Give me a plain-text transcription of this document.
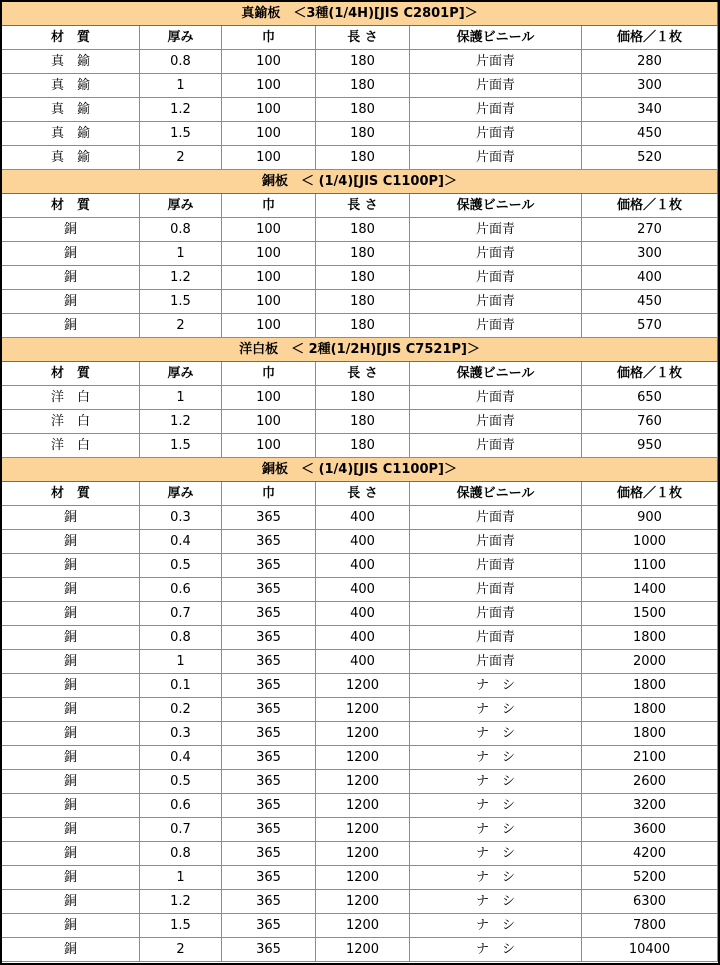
真鍮板　＜3種(1/4H)[JIS C2801P]＞					
材　質	厚み	巾	長 さ	保護ビニール	価格／１枚
真　鍮	0.8	100	180	片面青	280
真　鍮	1	100	180	片面青	300
真　鍮	1.2	100	180	片面青	340
真　鍮	1.5	100	180	片面青	450
真　鍮	2	100	180	片面青	520
銅板　＜ (1/4)[JIS C1100P]＞					
材　質	厚み	巾	長 さ	保護ビニール	価格／１枚
銅	0.8	100	180	片面青	270
銅	1	100	180	片面青	300
銅	1.2	100	180	片面青	400
銅	1.5	100	180	片面青	450
銅	2	100	180	片面青	570
洋白板　＜ 2種(1/2H)[JIS C7521P]＞					
材　質	厚み	巾	長 さ	保護ビニール	価格／１枚
洋　白	1	100	180	片面青	650
洋　白	1.2	100	180	片面青	760
洋　白	1.5	100	180	片面青	950
銅板　＜ (1/4)[JIS C1100P]＞					
材　質	厚み	巾	長 さ	保護ビニール	価格／１枚
銅	0.3	365	400	片面青	900
銅	0.4	365	400	片面青	1000
銅	0.5	365	400	片面青	1100
銅	0.6	365	400	片面青	1400
銅	0.7	365	400	片面青	1500
銅	0.8	365	400	片面青	1800
銅	1	365	400	片面青	2000
銅	0.1	365	1200	ナ　シ	1800
銅	0.2	365	1200	ナ　シ	1800
銅	0.3	365	1200	ナ　シ	1800
銅	0.4	365	1200	ナ　シ	2100
銅	0.5	365	1200	ナ　シ	2600
銅	0.6	365	1200	ナ　シ	3200
銅	0.7	365	1200	ナ　シ	3600
銅	0.8	365	1200	ナ　シ	4200
銅	1	365	1200	ナ　シ	5200
銅	1.2	365	1200	ナ　シ	6300
銅	1.5	365	1200	ナ　シ	7800
銅	2	365	1200	ナ　シ	10400
